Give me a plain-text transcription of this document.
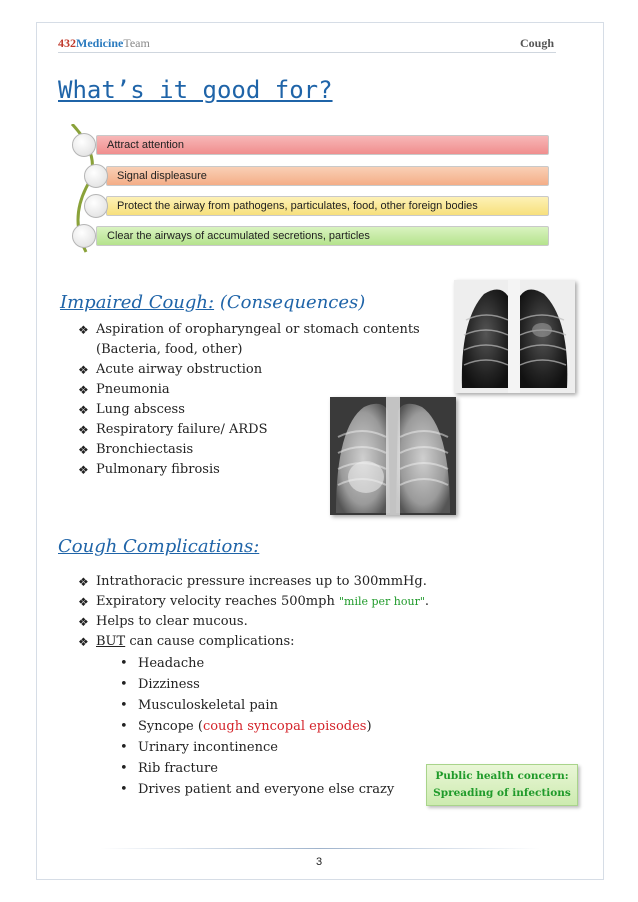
432MedicineTeam	Cough
What’s it good for?
Attract attention
Signal displeasure
Protect the airway from pathogens, particulates, food, other foreign bodies
Clear the airways of accumulated secretions, particles
Impaired Cough: (Consequences)
❖ Aspiration of oropharyngeal or stomach contents
(Bacteria, food, other)
❖ Acute airway obstruction
❖ Pneumonia
❖ Lung abscess
❖ Respiratory failure/ ARDS
❖ Bronchiectasis
❖ Pulmonary fibrosis
Cough Complications:
❖ Intrathoracic pressure increases up to 300mmHg.
❖ Expiratory velocity reaches 500mph "mile per hour".
❖ Helps to clear mucous.
❖ BUT can cause complications:
• Headache
• Dizziness
• Musculoskeletal pain
• Syncope (cough syncopal episodes)
• Urinary incontinence
• Rib fracture
• Drives patient and everyone else crazy
Public health concern:
Spreading of infections
3
